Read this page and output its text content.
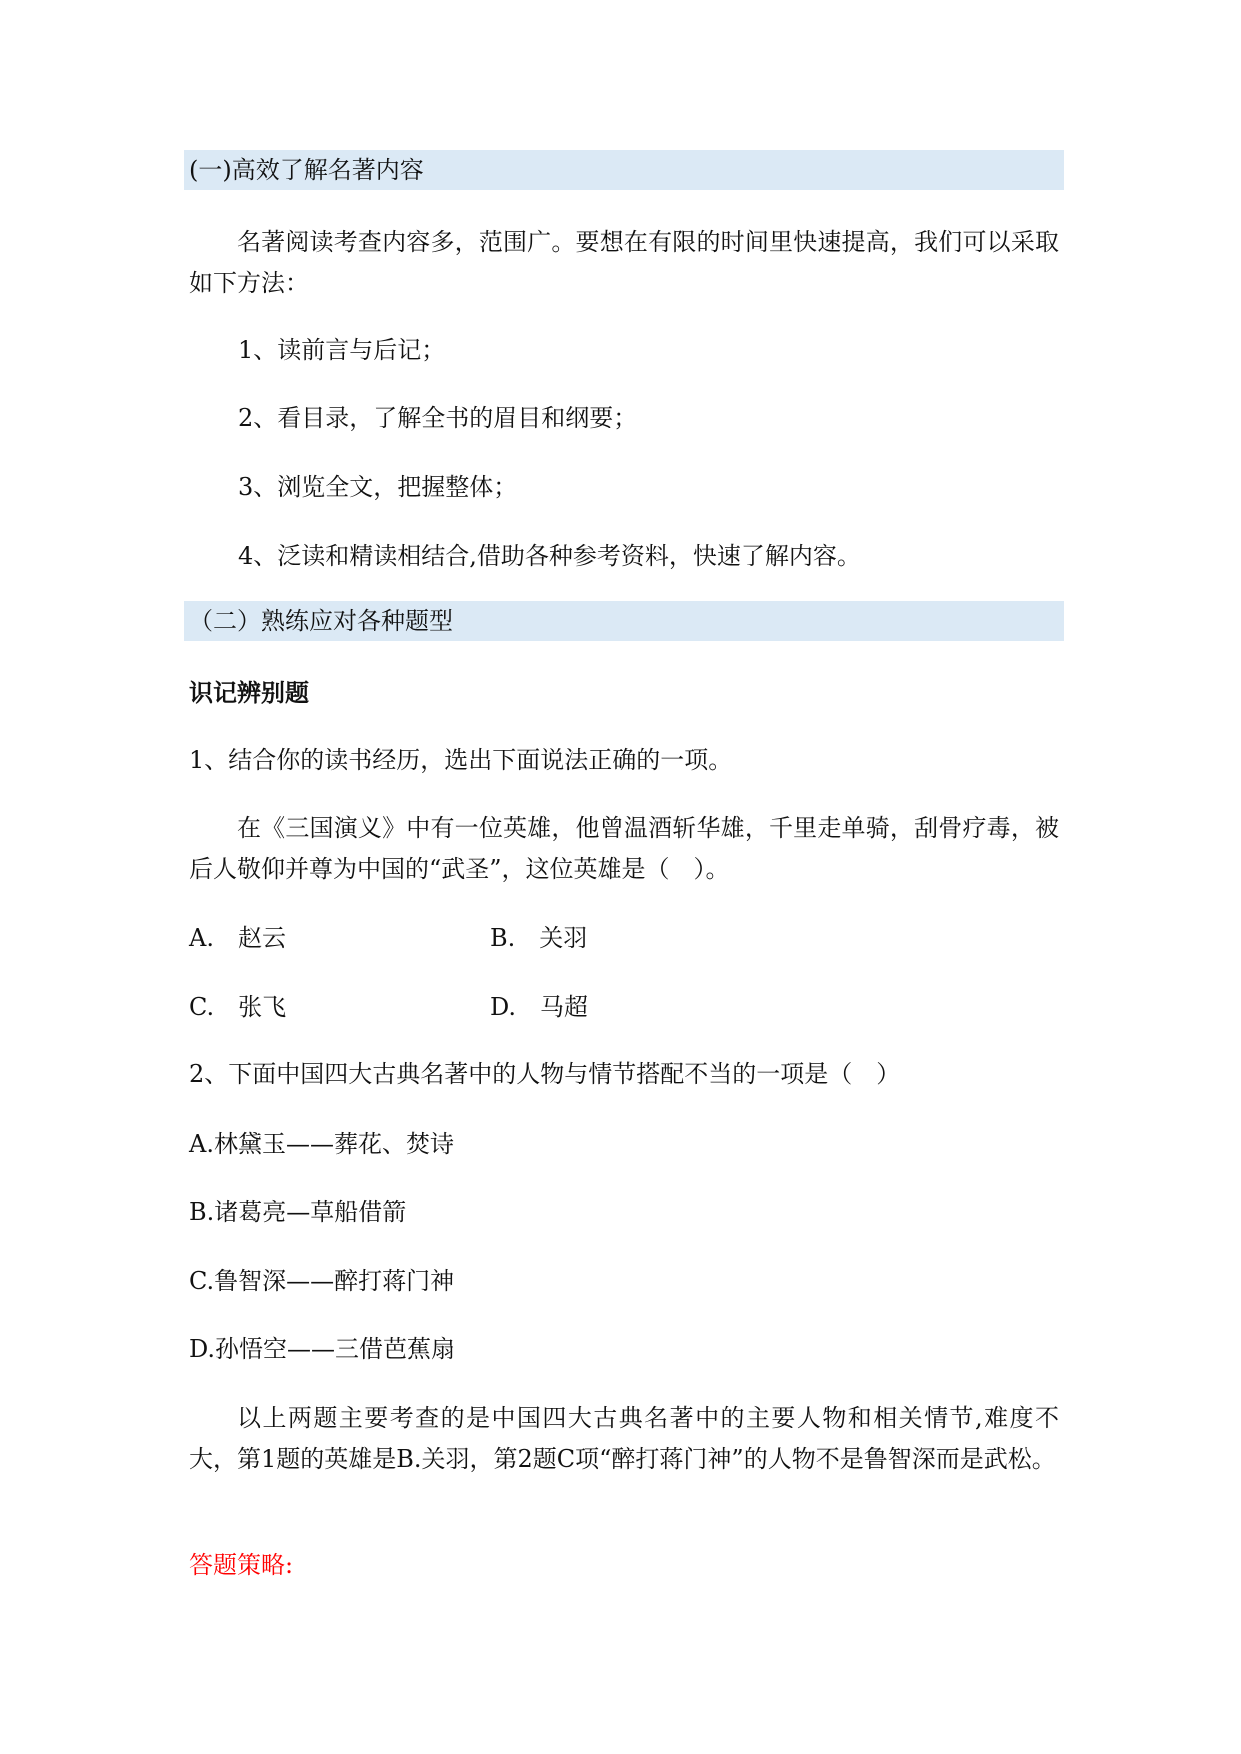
(一)高效了解名著内容
名著阅读考查内容多，范围广。要想在有限的时间里快速提高，我们可以采取如下方法：
1、读前言与后记；
2、看目录，了解全书的眉目和纲要；
3、浏览全文，把握整体；
4、泛读和精读相结合,借助各种参考资料，快速了解内容。
（二）熟练应对各种题型
识记辨别题
1、结合你的读书经历，选出下面说法正确的一项。
在《三国演义》中有一位英雄，他曾温酒斩华雄，千里走单骑，刮骨疗毒，被后人敬仰并尊为中国的“武圣”，这位英雄是（　）。
A.　赵云	B.　关羽
C.　张飞	D.　马超
2、下面中国四大古典名著中的人物与情节搭配不当的一项是（　）
A.林黛玉——葬花、焚诗
B.诸葛亮—草船借箭
C.鲁智深——醉打蒋门神
D.孙悟空——三借芭蕉扇
以上两题主要考查的是中国四大古典名著中的主要人物和相关情节,难度不大，第1题的英雄是B.关羽，第2题C项“醉打蒋门神”的人物不是鲁智深而是武松。
答题策略:
